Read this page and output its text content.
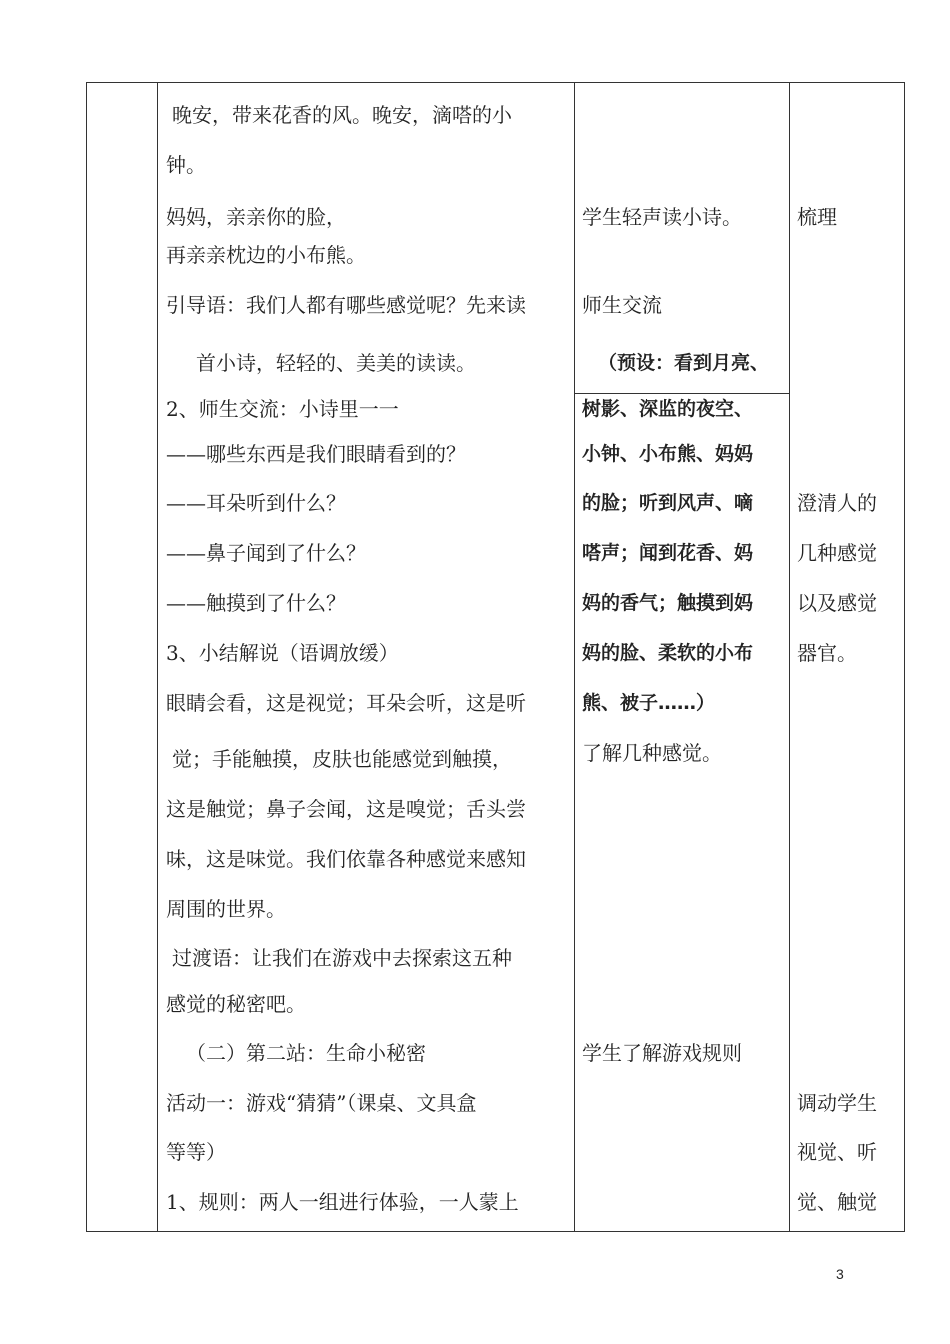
晚安，带来花香的风。晚安，滴嗒的小
钟。
妈妈，亲亲你的脸，
再亲亲枕边的小布熊。
引导语：我们人都有哪些感觉呢？先来读
首小诗，轻轻的、美美的读读。
2、师生交流：小诗里一一
——哪些东西是我们眼睛看到的？
——耳朵听到什么？
——鼻子闻到了什么？
——触摸到了什么？
3、小结解说（语调放缓）
眼睛会看，这是视觉；耳朵会听，这是听
觉；手能触摸，皮肤也能感觉到触摸，
这是触觉；鼻子会闻，这是嗅觉；舌头尝
味，这是味觉。我们依靠各种感觉来感知
周围的世界。
过渡语：让我们在游戏中去探索这五种
感觉的秘密吧。
（二）第二站：生命小秘密
活动一：游戏“猜猜”（课桌、文具盒
等等）
1、规则：两人一组进行体验，一人蒙上
学生轻声读小诗。
师生交流
（预设：看到月亮、
树影、深监的夜空、
小钟、小布熊、妈妈
的脸；听到风声、嘀
嗒声；闻到花香、妈
妈的香气；触摸到妈
妈的脸、柔软的小布
熊、被子……）
了解几种感觉。
学生了解游戏规则
梳理
澄清人的
几种感觉
以及感觉
器官。
调动学生
视觉、听
觉、触觉
3
